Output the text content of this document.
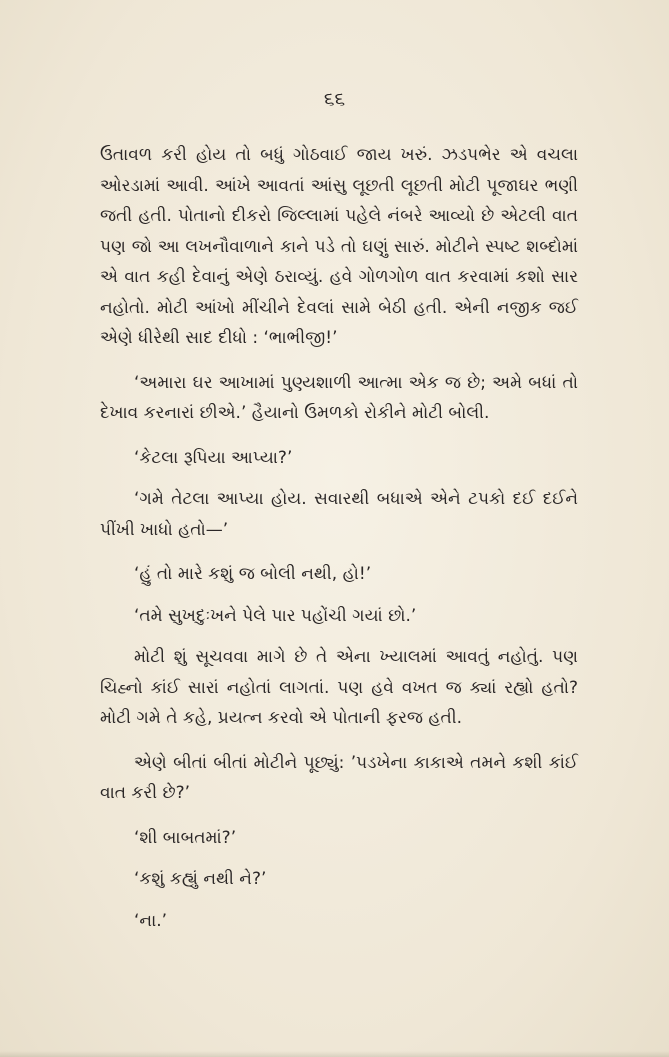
૬૬

ઉતાવળ કરી હોય તો બધું ગોઠવાઈ જાય ખરું. ઝડપભેર એ વચલા ઓરડામાં આવી. આંખે આવતાં આંસુ લૂછતી લૂછતી મોટી પૂજાઘર ભણી જતી હતી. પોતાનો દીકરો જિલ્લામાં પહેલે નંબરે આવ્યો છે એટલી વાત પણ જો આ લખનૌવાળાને કાને પડે તો ઘણું સારું. મોટીને સ્પષ્ટ શબ્દોમાં એ વાત કહી દેવાનું એણે ઠરાવ્યું. હવે ગોળગોળ વાત કરવામાં કશો સાર નહોતો. મોટી આંખો મીંચીને દેવલાં સામે બેઠી હતી. એની નજીક જઈ એણે ધીરેથી સાદ દીધો : ‘ભાભીજી!’

‘અમારા ઘર આખામાં પુણ્યશાળી આત્મા એક જ છે; અમે બધાં તો દેખાવ કરનારાં છીએ.’ હૈયાનો ઉમળકો રોકીને મોટી બોલી.

‘કેટલા રૂપિયા આપ્યા?’

‘ગમે તેટલા આપ્યા હોય. સવારથી બધાએ એને ટપકો દઈ દઈને પીંખી ખાધો હતો—’

‘હું તો મારે કશું જ બોલી નથી, હો!’

‘તમે સુખદુઃખને પેલે પાર પહોંચી ગયાં છો.’

મોટી શું સૂચવવા માગે છે તે એના ખ્યાલમાં આવતું નહોતું. પણ ચિહ્નો કાંઈ સારાં નહોતાં લાગતાં. પણ હવે વખત જ ક્યાં રહ્યો હતો? મોટી ગમે તે કહે, પ્રયત્ન કરવો એ પોતાની ફરજ હતી.

એણે બીતાં બીતાં મોટીને પૂછ્યું: ’પડખેના કાકાએ તમને કશી કાંઈ વાત કરી છે?’

‘શી બાબતમાં?’

‘કશું કહ્યું નથી ને?’

‘ના.’
